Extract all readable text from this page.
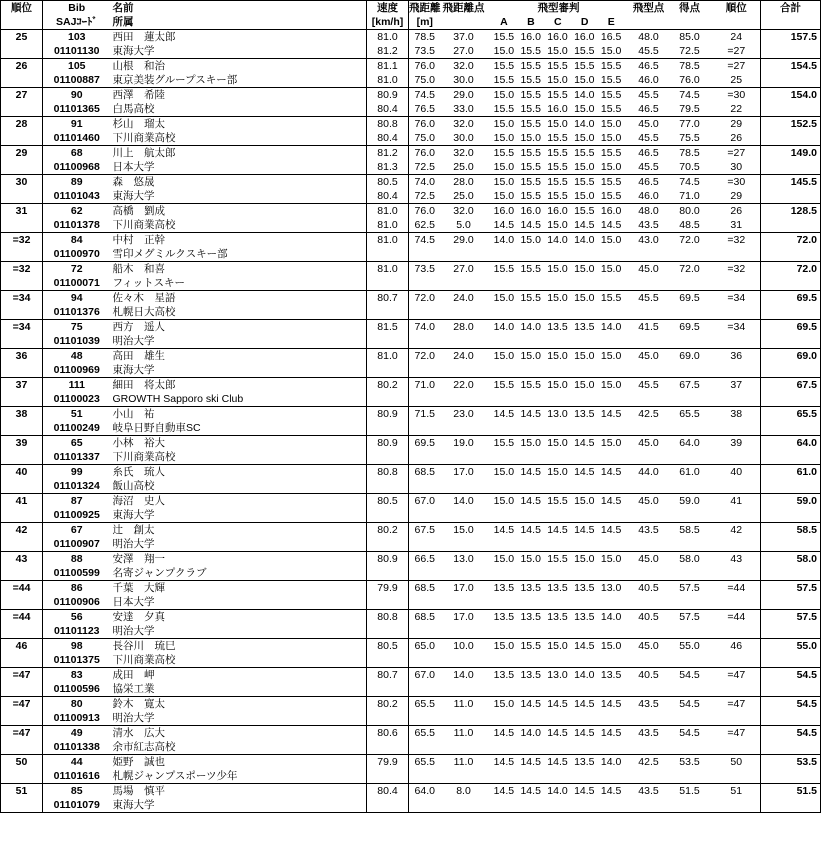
順位	Bib	名前	速度	飛距離	飛距離点	飛型審判	飛型点	得点	順位	合計
	SAJｺｰﾄﾞ	所属	[km/h]	[m]		A B C D E				

25	103	西田　蓮太郎	81.0	78.5	37.0	15.5 16.0 16.0 16.0 16.5	48.0	85.0	24	157.5
	01101130	東海大学	81.2	73.5	27.0	15.0 15.5 15.0 15.5 15.0	45.5	72.5	=27	
26	105	山根　和治	81.1	76.0	32.0	15.5 15.5 15.5 15.5 15.5	46.5	78.5	=27	154.5
	01100887	東京美装グループスキー部	81.0	75.0	30.0	15.5 15.5 15.0 15.0 15.5	46.0	76.0	25	
27	90	西澤　希陸	80.9	74.5	29.0	15.0 15.5 15.5 14.0 15.5	45.5	74.5	=30	154.0
	01101365	白馬高校	80.4	76.5	33.0	15.5 15.5 16.0 15.0 15.5	46.5	79.5	22	
28	91	杉山　瑠太	80.8	76.0	32.0	15.0 15.5 15.0 14.0 15.0	45.0	77.0	29	152.5
	01101460	下川商業高校	80.4	75.0	30.0	15.0 15.0 15.5 15.0 15.0	45.5	75.5	26	
29	68	川上　航太郎	81.2	76.0	32.0	15.5 15.5 15.5 15.5 15.5	46.5	78.5	=27	149.0
	01100968	日本大学	81.3	72.5	25.0	15.0 15.5 15.5 15.0 15.0	45.5	70.5	30	
30	89	森　悠晟	80.5	74.0	28.0	15.0 15.5 15.5 15.5 15.5	46.5	74.5	=30	145.5
	01101043	東海大学	80.4	72.5	25.0	15.0 15.5 15.5 15.0 15.5	46.0	71.0	29	
31	62	高橋　劉成	81.0	76.0	32.0	16.0 16.0 16.0 15.5 16.0	48.0	80.0	26	128.5
	01101378	下川商業高校	81.0	62.5	5.0	14.5 14.5 15.0 14.5 14.5	43.5	48.5	31	
=32	84	中村　正幹	81.0	74.5	29.0	14.0 15.0 14.0 14.0 15.0	43.0	72.0	=32	72.0
	01100970	雪印メグミルクスキー部				

=32	72	船木　和喜	81.0	73.5	27.0	15.5 15.5 15.0 15.0 15.0	45.0	72.0	=32	72.0
	01100071	フィットスキー				

=34	94	佐々木　星語	80.7	72.0	24.0	15.0 15.5 15.0 15.0 15.5	45.5	69.5	=34	69.5
	01101376	札幌日大高校				

=34	75	西方　遥人	81.5	74.0	28.0	14.0 14.0 13.5 13.5 14.0	41.5	69.5	=34	69.5
	01101039	明治大学				

36	48	高田　雄生	81.0	72.0	24.0	15.0 15.0 15.0 15.0 15.0	45.0	69.0	36	69.0
	01100969	東海大学				

37	111	細田　将太郎	80.2	71.0	22.0	15.5 15.5 15.0 15.0 15.0	45.5	67.5	37	67.5
	01100023	GROWTH Sapporo ski Club				

38	51	小山　祐	80.9	71.5	23.0	14.5 14.5 13.0 13.5 14.5	42.5	65.5	38	65.5
	01100249	岐阜日野自動車SC				

39	65	小林　裕大	80.9	69.5	19.0	15.5 15.0 15.0 14.5 15.0	45.0	64.0	39	64.0
	01101337	下川商業高校				

40	99	糸氏　琉人	80.8	68.5	17.0	15.0 14.5 15.0 14.5 14.5	44.0	61.0	40	61.0
	01101324	飯山高校				

41	87	海沼　史人	80.5	67.0	14.0	15.0 14.5 15.5 15.0 14.5	45.0	59.0	41	59.0
	01100925	東海大学				

42	67	辻　創太	80.2	67.5	15.0	14.5 14.5 14.5 14.5 14.5	43.5	58.5	42	58.5
	01100907	明治大学				

43	88	安澤　翔一	80.9	66.5	13.0	15.0 15.0 15.5 15.0 15.0	45.0	58.0	43	58.0
	01100599	名寄ジャンプクラブ				

=44	86	千葉　大輝	79.9	68.5	17.0	13.5 13.5 13.5 13.5 13.0	40.5	57.5	=44	57.5
	01100906	日本大学				

=44	56	安達　夕真	80.8	68.5	17.0	13.5 13.5 13.5 13.5 14.0	40.5	57.5	=44	57.5
	01101123	明治大学				

46	98	長谷川　琉巳	80.5	65.0	10.0	15.0 15.5 15.0 14.5 15.0	45.0	55.0	46	55.0
	01101375	下川商業高校				

=47	83	成田　岬	80.7	67.0	14.0	13.5 13.5 13.0 14.0 13.5	40.5	54.5	=47	54.5
	01100596	協栄工業				

=47	80	鈴木　寛太	80.2	65.5	11.0	15.0 14.5 14.5 14.5 14.5	43.5	54.5	=47	54.5
	01100913	明治大学				

=47	49	清水　広大	80.6	65.5	11.0	14.5 14.0 14.5 14.5 14.5	43.5	54.5	=47	54.5
	01101338	余市紅志高校				

50	44	姫野　誠也	79.9	65.5	11.0	14.5 14.5 14.5 13.5 14.0	42.5	53.5	50	53.5
	01101616	札幌ジャンプスポーツ少年				

51	85	馬場　慎平	80.4	64.0	8.0	14.5 14.5 14.0 14.5 14.5	43.5	51.5	51	51.5
	01101079	東海大学				
